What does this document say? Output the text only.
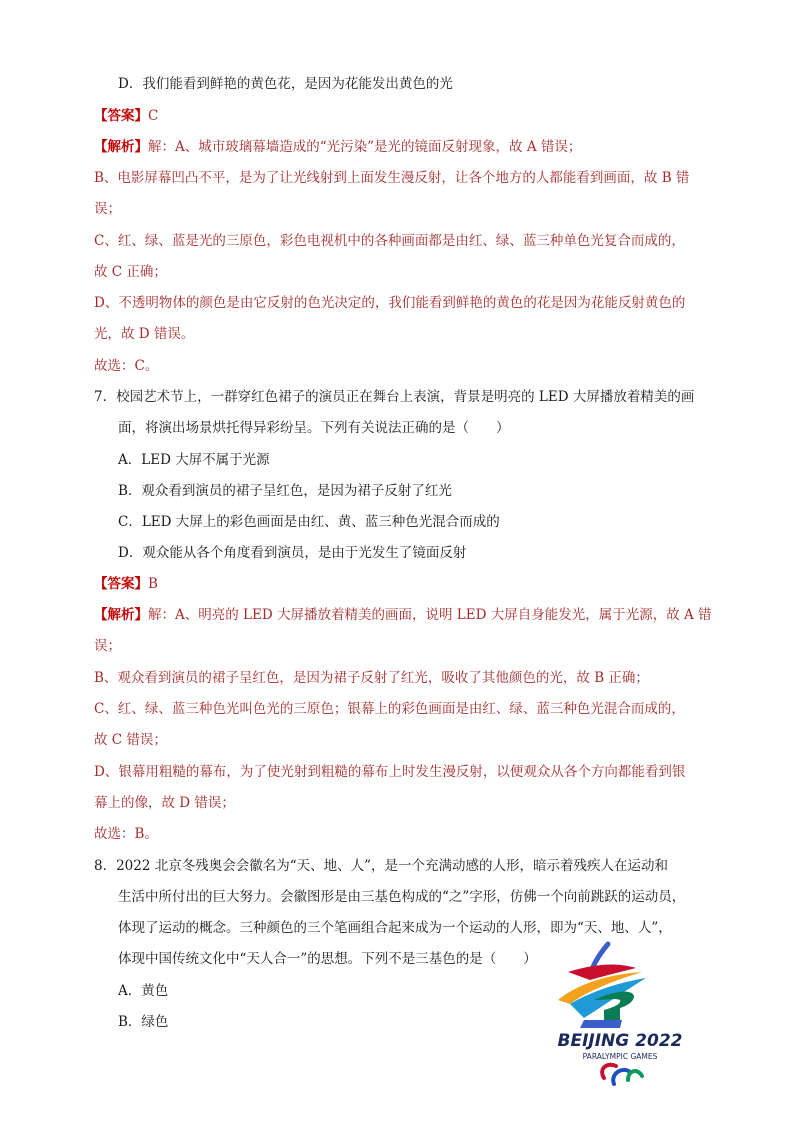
D．我们能看到鲜艳的黄色花，是因为花能发出黄色的光
【答案】C
【解析】解：A、城市玻璃幕墙造成的“光污染”是光的镜面反射现象，故 A 错误；
B、电影屏幕凹凸不平，是为了让光线射到上面发生漫反射，让各个地方的人都能看到画面，故 B 错
误；
C、红、绿、蓝是光的三原色，彩色电视机中的各种画面都是由红、绿、蓝三种单色光复合而成的，
故 C 正确；
D、不透明物体的颜色是由它反射的色光决定的，我们能看到鲜艳的黄色的花是因为花能反射黄色的
光，故 D 错误。
故选：C。
7．校园艺术节上，一群穿红色裙子的演员正在舞台上表演，背景是明亮的 LED 大屏播放着精美的画
面，将演出场景烘托得异彩纷呈。下列有关说法正确的是（　　）
A．LED 大屏不属于光源
B．观众看到演员的裙子呈红色，是因为裙子反射了红光
C．LED 大屏上的彩色画面是由红、黄、蓝三种色光混合而成的
D．观众能从各个角度看到演员，是由于光发生了镜面反射
【答案】B
【解析】解：A、明亮的 LED 大屏播放着精美的画面，说明 LED 大屏自身能发光，属于光源，故 A 错
误；
B、观众看到演员的裙子呈红色，是因为裙子反射了红光，吸收了其他颜色的光，故 B 正确；
C、红、绿、蓝三种色光叫色光的三原色；银幕上的彩色画面是由红、绿、蓝三种色光混合而成的，
故 C 错误；
D、银幕用粗糙的幕布，为了使光射到粗糙的幕布上时发生漫反射，以便观众从各个方向都能看到银
幕上的像，故 D 错误；
故选：B。
8．2022 北京冬残奥会会徽名为“天、地、人”，是一个充满动感的人形，暗示着残疾人在运动和
生活中所付出的巨大努力。会徽图形是由三基色构成的“之”字形，仿佛一个向前跳跃的运动员，
体现了运动的概念。三种颜色的三个笔画组合起来成为一个运动的人形，即为“天、地、人”，
体现中国传统文化中“天人合一”的思想。下列不是三基色的是（　　）
A．黄色
B．绿色
BEIJING 2022
PARALYMPIC GAMES
